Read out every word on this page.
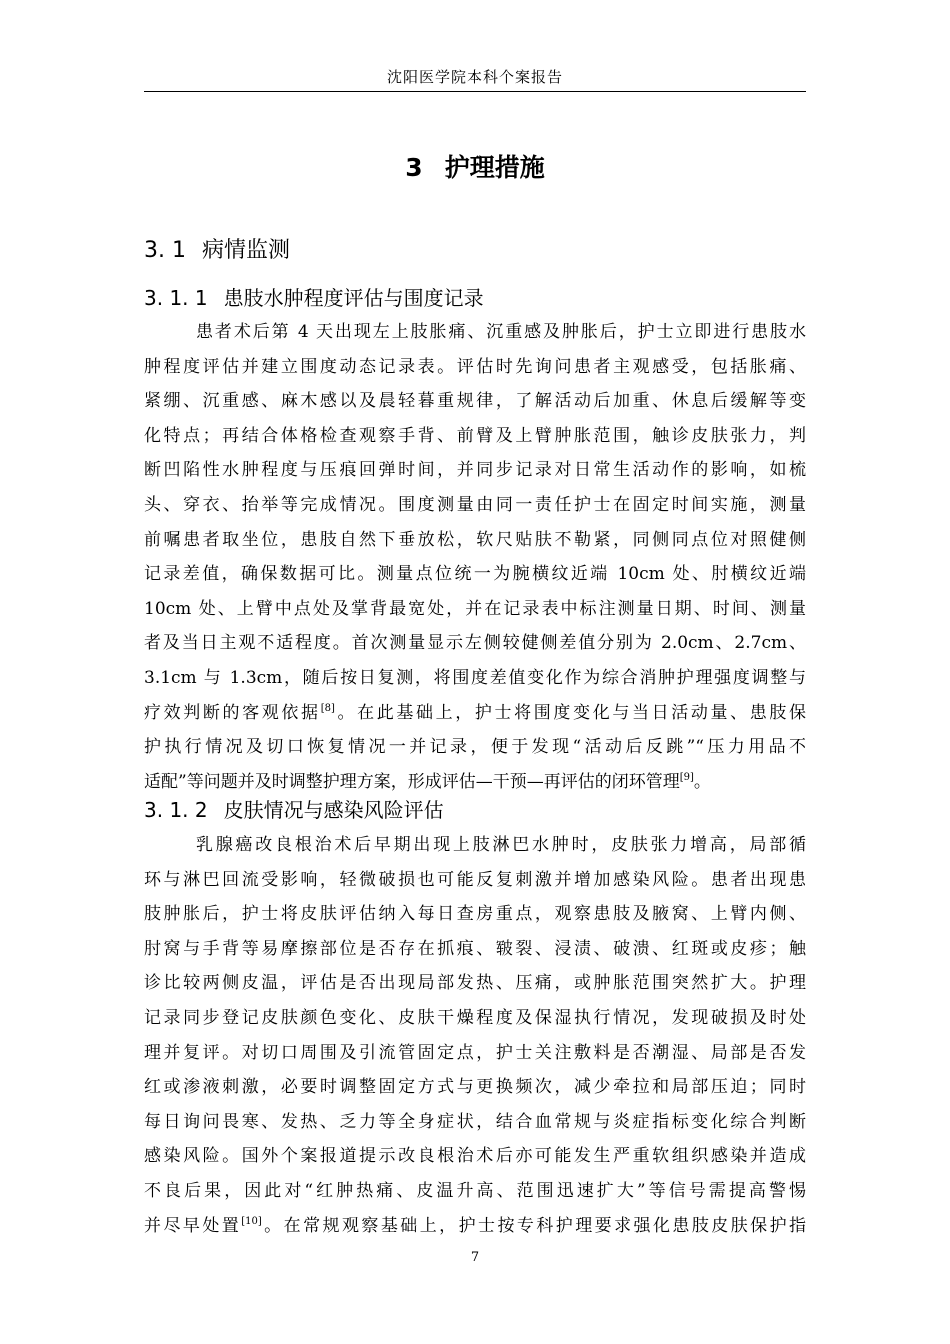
沈阳医学院本科个案报告
3 护理措施
3. 1 病情监测
3. 1. 1 患肢水肿程度评估与围度记录
患者术后第 4 天出现左上肢胀痛、沉重感及肿胀后，护士立即进行患肢水
肿程度评估并建立围度动态记录表。评估时先询问患者主观感受，包括胀痛、
紧绷、沉重感、麻木感以及晨轻暮重规律，了解活动后加重、休息后缓解等变
化特点；再结合体格检查观察手背、前臂及上臂肿胀范围，触诊皮肤张力，判
断凹陷性水肿程度与压痕回弹时间，并同步记录对日常生活动作的影响，如梳
头、穿衣、抬举等完成情况。围度测量由同一责任护士在固定时间实施，测量
前嘱患者取坐位，患肢自然下垂放松，软尺贴肤不勒紧，同侧同点位对照健侧
记录差值，确保数据可比。测量点位统一为腕横纹近端 10cm 处、肘横纹近端
10cm 处、上臂中点处及掌背最宽处，并在记录表中标注测量日期、时间、测量
者及当日主观不适程度。首次测量显示左侧较健侧差值分别为 2.0cm、2.7cm、
3.1cm 与 1.3cm，随后按日复测，将围度差值变化作为综合消肿护理强度调整与
疗效判断的客观依据[8]。在此基础上，护士将围度变化与当日活动量、患肢保
护执行情况及切口恢复情况一并记录，便于发现“活动后反跳”“压力用品不
适配”等问题并及时调整护理方案，形成评估—干预—再评估的闭环管理[9]。
3. 1. 2 皮肤情况与感染风险评估
乳腺癌改良根治术后早期出现上肢淋巴水肿时，皮肤张力增高，局部循
环与淋巴回流受影响，轻微破损也可能反复刺激并增加感染风险。患者出现患
肢肿胀后，护士将皮肤评估纳入每日查房重点，观察患肢及腋窝、上臂内侧、
肘窝与手背等易摩擦部位是否存在抓痕、皲裂、浸渍、破溃、红斑或皮疹；触
诊比较两侧皮温，评估是否出现局部发热、压痛，或肿胀范围突然扩大。护理
记录同步登记皮肤颜色变化、皮肤干燥程度及保湿执行情况，发现破损及时处
理并复评。对切口周围及引流管固定点，护士关注敷料是否潮湿、局部是否发
红或渗液刺激，必要时调整固定方式与更换频次，减少牵拉和局部压迫；同时
每日询问畏寒、发热、乏力等全身症状，结合血常规与炎症指标变化综合判断
感染风险。国外个案报道提示改良根治术后亦可能发生严重软组织感染并造成
不良后果，因此对“红肿热痛、皮温升高、范围迅速扩大”等信号需提高警惕
并尽早处置[10]。在常规观察基础上，护士按专科护理要求强化患肢皮肤保护指
7
